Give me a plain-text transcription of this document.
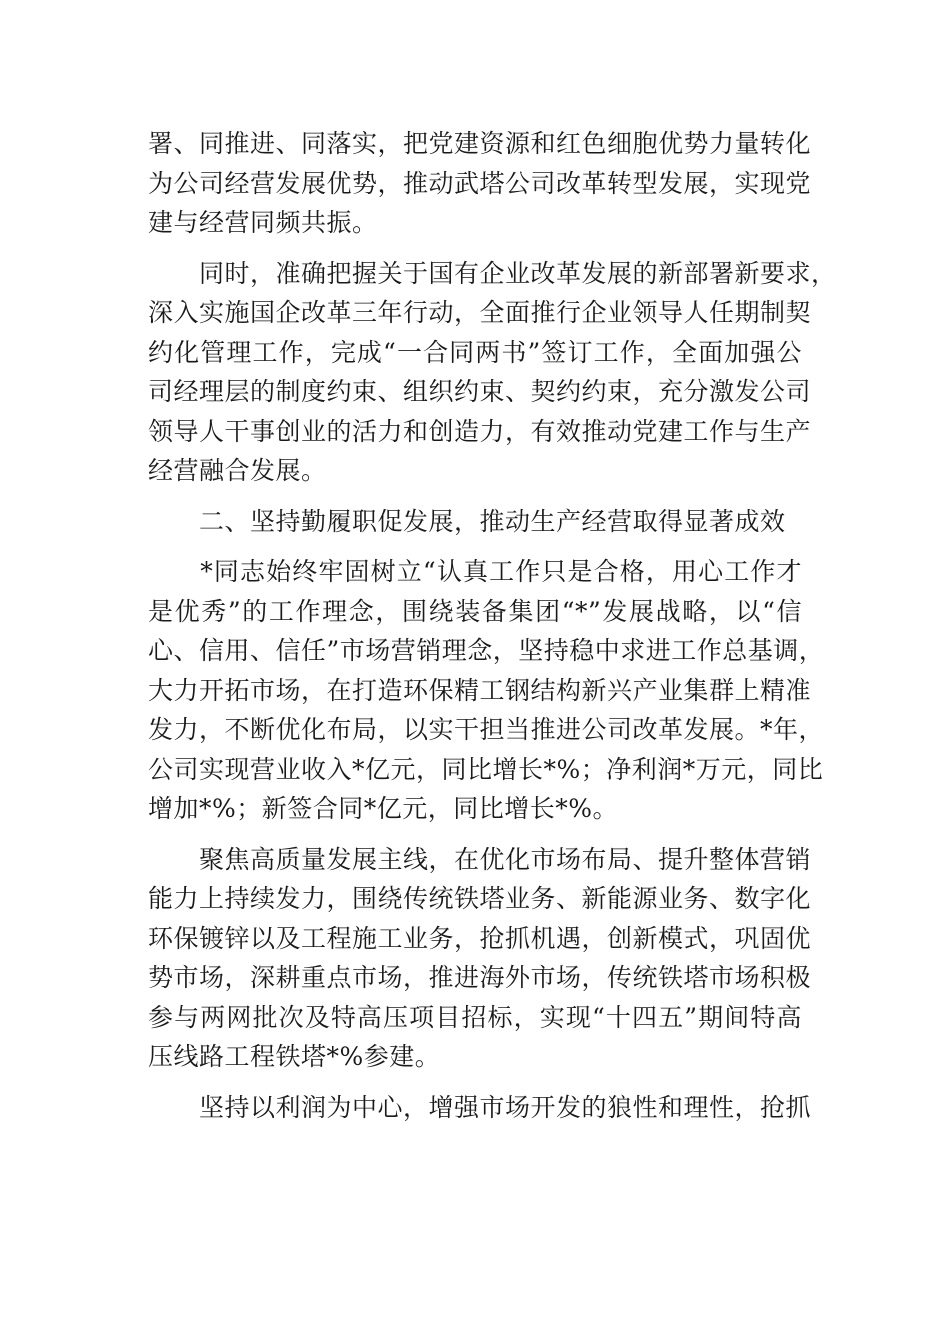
署、同推进、同落实，把党建资源和红色细胞优势力量转化
为公司经营发展优势，推动武塔公司改革转型发展，实现党
建与经营同频共振。
　　同时，准确把握关于国有企业改革发展的新部署新要求，
深入实施国企改革三年行动，全面推行企业领导人任期制契
约化管理工作，完成“一合同两书”签订工作，全面加强公
司经理层的制度约束、组织约束、契约约束，充分激发公司
领导人干事创业的活力和创造力，有效推动党建工作与生产
经营融合发展。
　　二、坚持勤履职促发展，推动生产经营取得显著成效
　　*同志始终牢固树立“认真工作只是合格，用心工作才
是优秀”的工作理念，围绕装备集团“*”发展战略，以“信
心、信用、信任”市场营销理念，坚持稳中求进工作总基调，
大力开拓市场，在打造环保精工钢结构新兴产业集群上精准
发力，不断优化布局，以实干担当推进公司改革发展。*年，
公司实现营业收入*亿元，同比增长*%；净利润*万元，同比
增加*%；新签合同*亿元，同比增长*%。
　　聚焦高质量发展主线，在优化市场布局、提升整体营销
能力上持续发力，围绕传统铁塔业务、新能源业务、数字化
环保镀锌以及工程施工业务，抢抓机遇，创新模式，巩固优
势市场，深耕重点市场，推进海外市场，传统铁塔市场积极
参与两网批次及特高压项目招标，实现“十四五”期间特高
压线路工程铁塔*%参建。
　　坚持以利润为中心，增强市场开发的狼性和理性，抢抓
